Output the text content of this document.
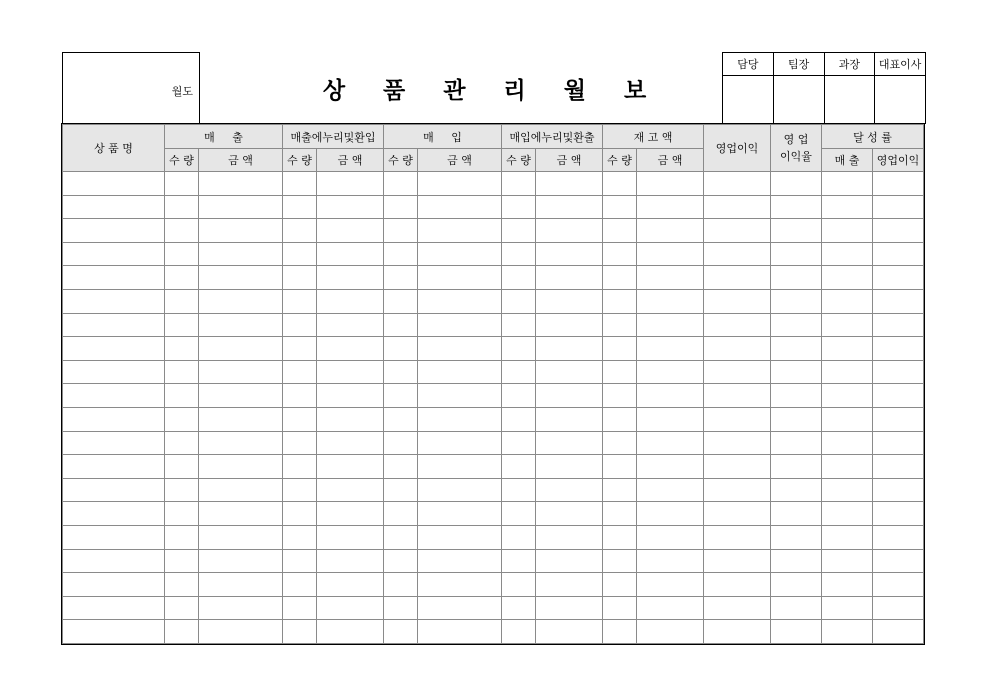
월도	상 품 관 리 월 보
담당	팀장	과장	대표이사

상 품 명	매     출		매출에누리및환입		매     입		매입에누리및환출		재 고 액		영업이익	영 업 이익율	달 성 률	
	수 량	금 액	수 량	금 액	수 량	금 액	수 량	금 액	수 량	금 액			매 출	영업이익
